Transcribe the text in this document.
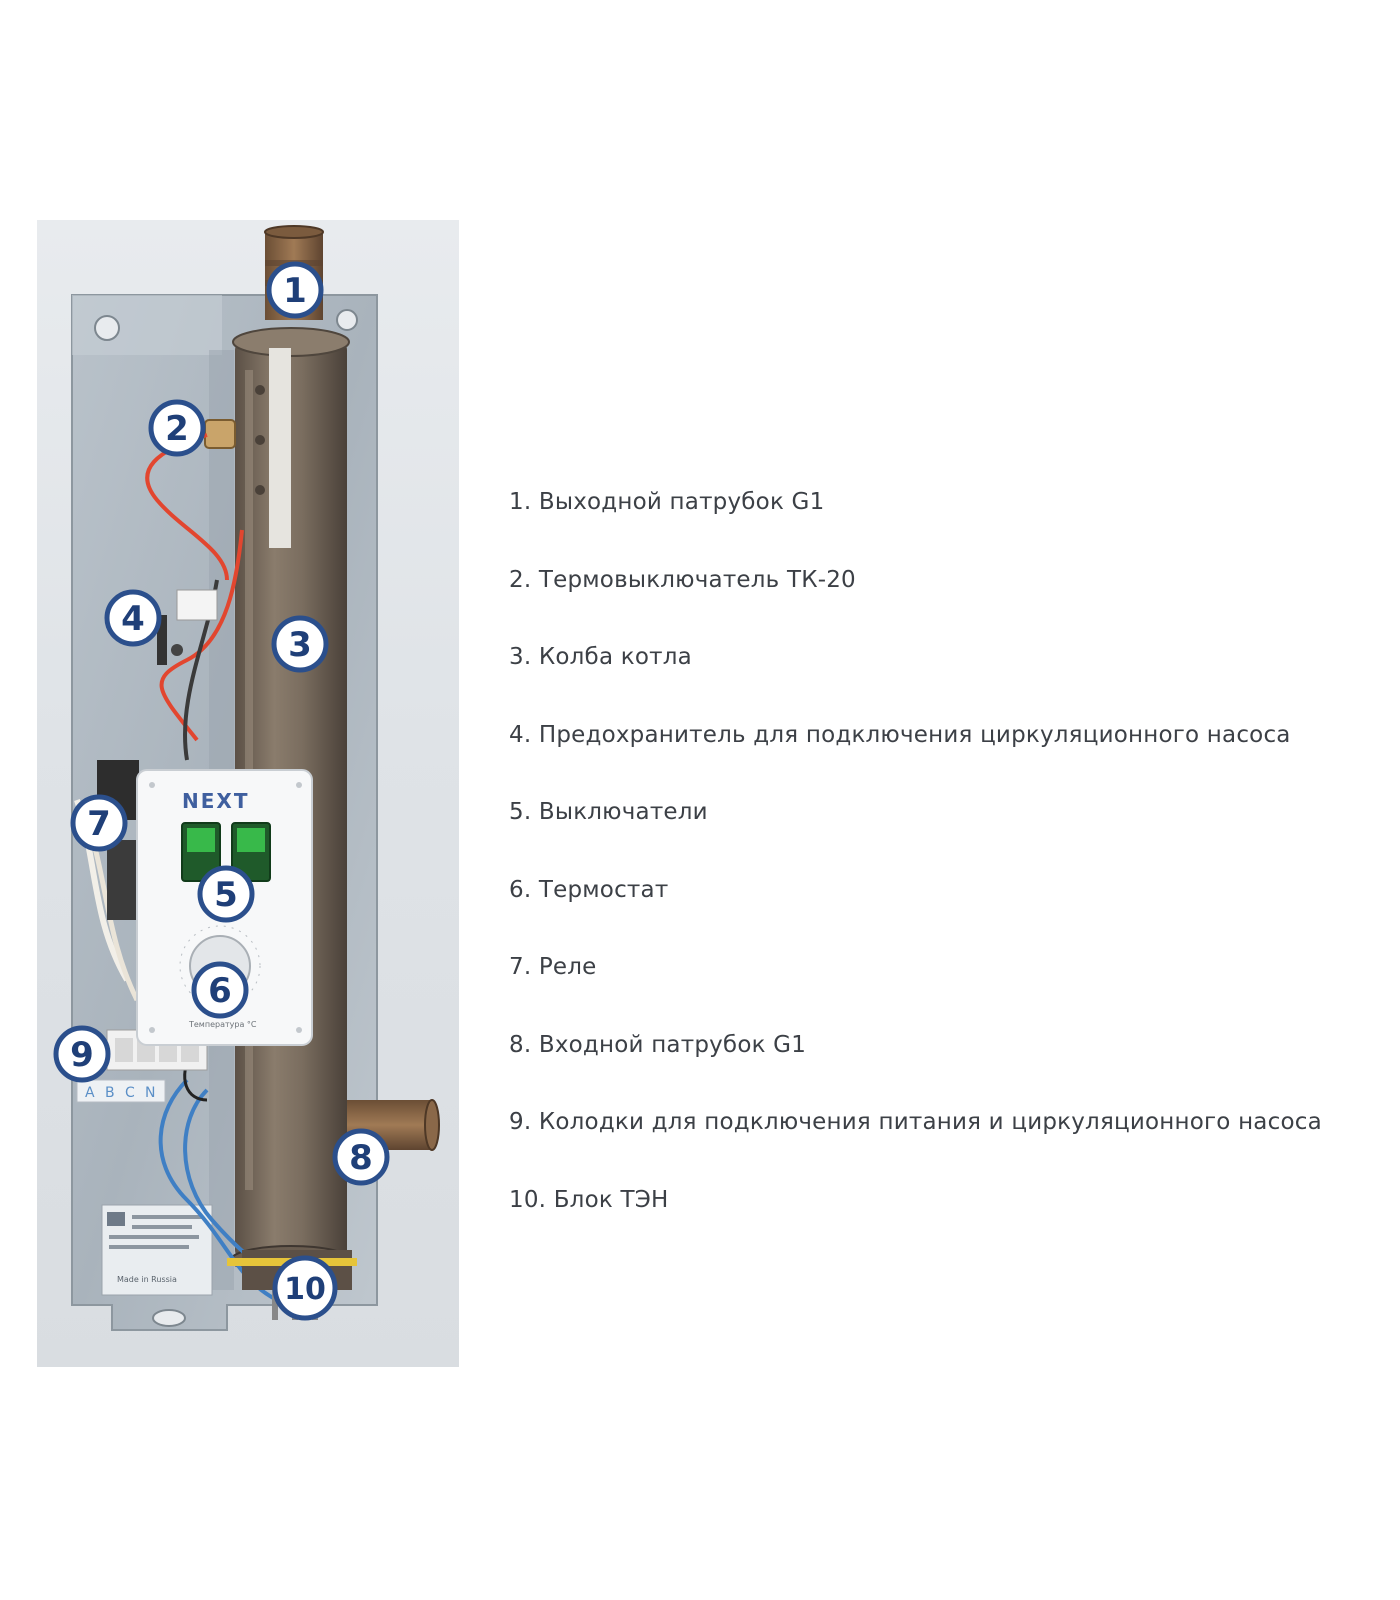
Made in Russia
A B C N
NEXT
Температура °С
1
2
3
4
5
6
7
8
9
10
1. Выходной патрубок G1
2. Термовыключатель ТК-20
3. Колба котла
4. Предохранитель для подключения циркуляционного насоса
5. Выключатели
6. Термостат
7. Реле
8. Входной патрубок G1
9. Колодки для подключения питания и циркуляционного насоса
10. Блок ТЭН
